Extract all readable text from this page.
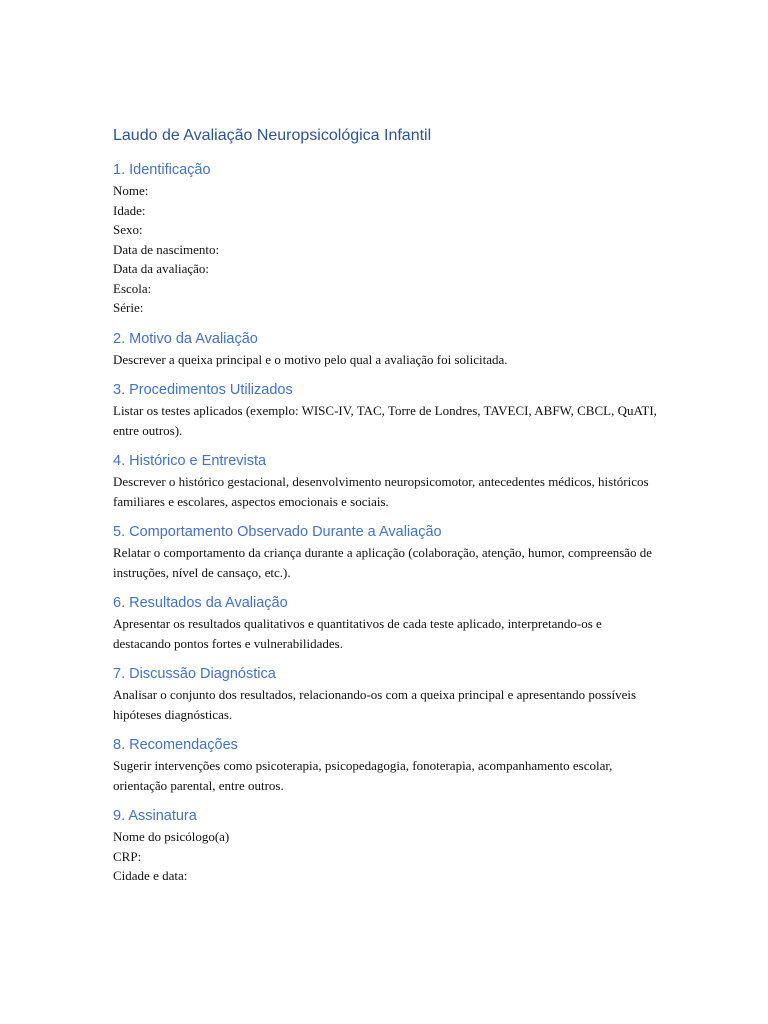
Laudo de Avaliação Neuropsicológica Infantil
1. Identificação
Nome:
Idade:
Sexo:
Data de nascimento:
Data da avaliação:
Escola:
Série:
2. Motivo da Avaliação

Descrever a queixa principal e o motivo pelo qual a avaliação foi solicitada.

3. Procedimentos Utilizados

Listar os testes aplicados (exemplo: WISC-IV, TAC, Torre de Londres, TAVECI, ABFW, CBCL, QuATI, entre outros).

4. Histórico e Entrevista

Descrever o histórico gestacional, desenvolvimento neuropsicomotor, antecedentes médicos, históricos familiares e escolares, aspectos emocionais e sociais.

5. Comportamento Observado Durante a Avaliação

Relatar o comportamento da criança durante a aplicação (colaboração, atenção, humor, compreensão de instruções, nível de cansaço, etc.).

6. Resultados da Avaliação

Apresentar os resultados qualitativos e quantitativos de cada teste aplicado, interpretando-os e destacando pontos fortes e vulnerabilidades.

7. Discussão Diagnóstica

Analisar o conjunto dos resultados, relacionando-os com a queixa principal e apresentando possíveis hipóteses diagnósticas.

8. Recomendações

Sugerir intervenções como psicoterapia, psicopedagogia, fonoterapia, acompanhamento escolar, orientação parental, entre outros.

9. Assinatura
Nome do psicólogo(a)
CRP:
Cidade e data:
